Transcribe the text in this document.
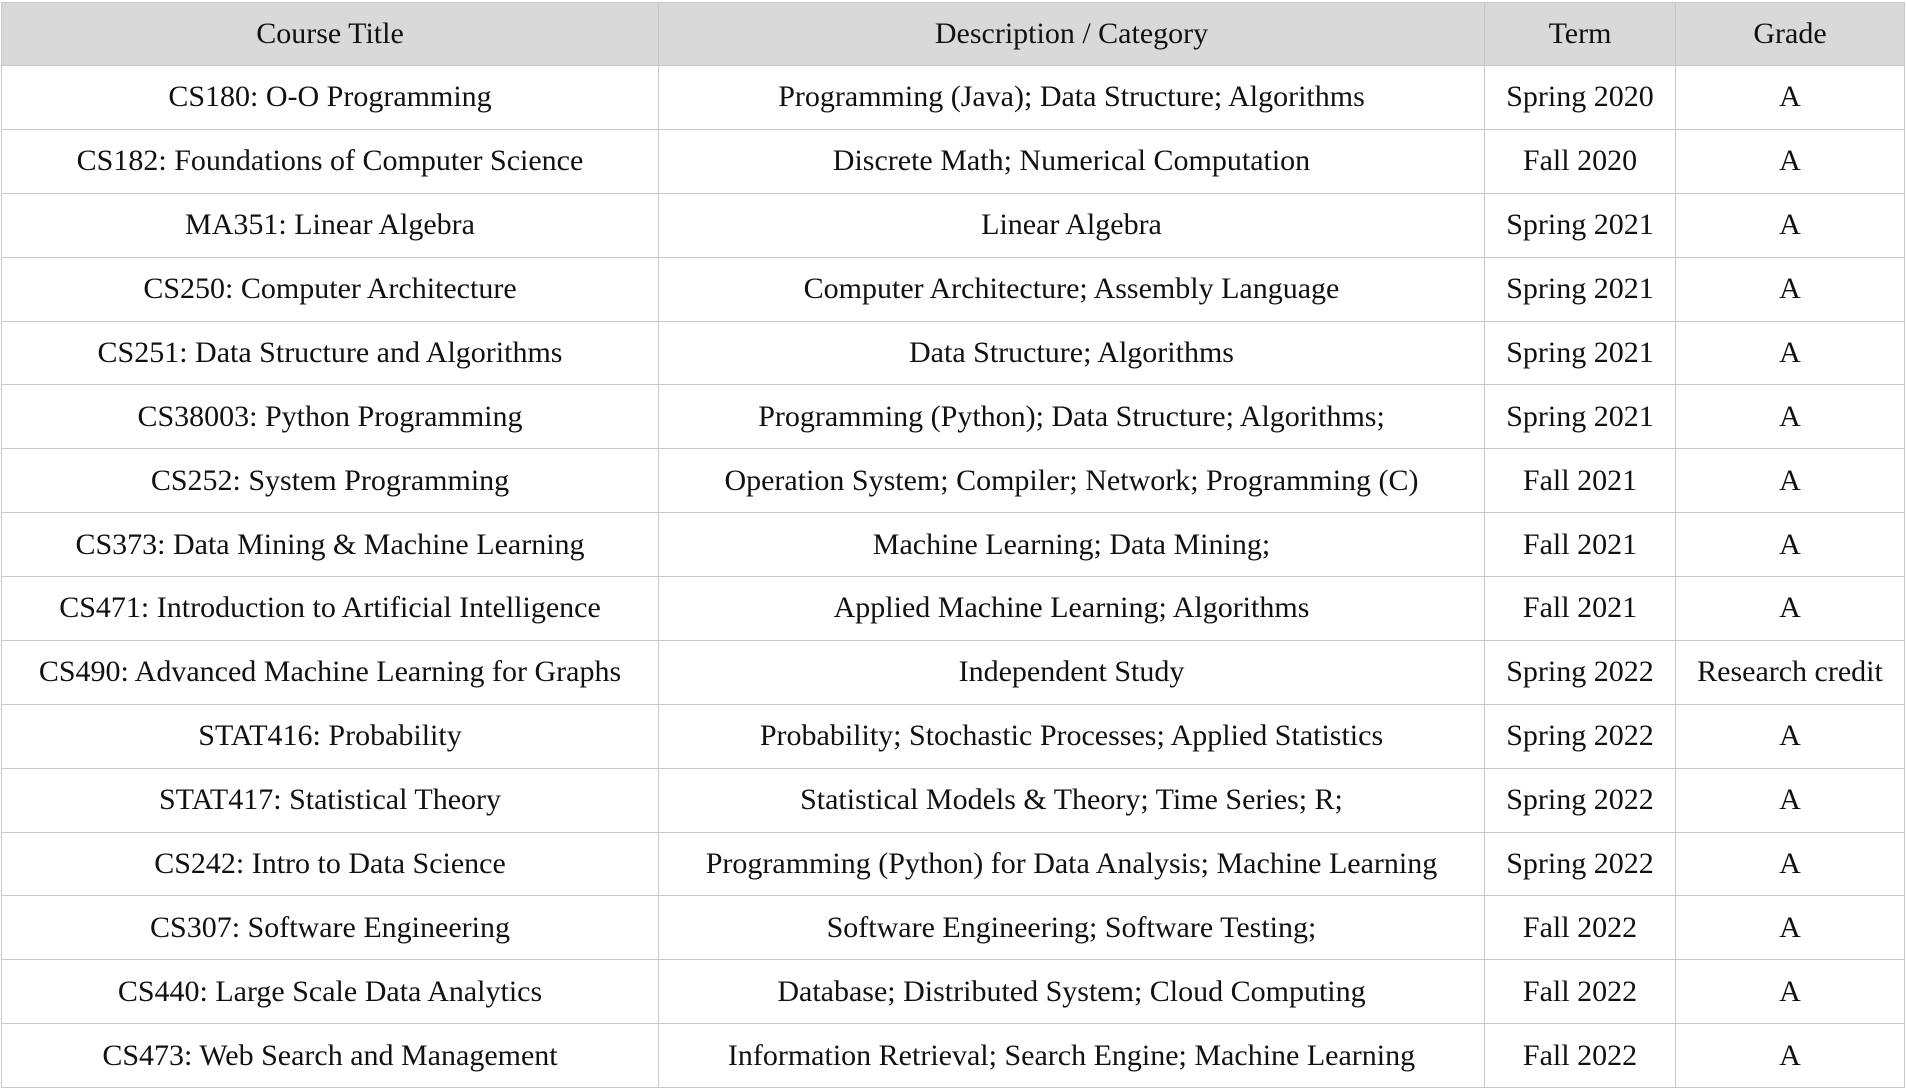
Course Title	Description / Category	Term	Grade
CS180: O-O Programming	Programming (Java); Data Structure; Algorithms	Spring 2020	A
CS182: Foundations of Computer Science	Discrete Math; Numerical Computation	Fall 2020	A
MA351: Linear Algebra	Linear Algebra	Spring 2021	A
CS250: Computer Architecture	Computer Architecture; Assembly Language	Spring 2021	A
CS251: Data Structure and Algorithms	Data Structure; Algorithms	Spring 2021	A
CS38003: Python Programming	Programming (Python); Data Structure; Algorithms;	Spring 2021	A
CS252: System Programming	Operation System; Compiler; Network; Programming (C)	Fall 2021	A
CS373: Data Mining & Machine Learning	Machine Learning; Data Mining;	Fall 2021	A
CS471: Introduction to Artificial Intelligence	Applied Machine Learning; Algorithms	Fall 2021	A
CS490: Advanced Machine Learning for Graphs	Independent Study	Spring 2022	Research credit
STAT416: Probability	Probability; Stochastic Processes; Applied Statistics	Spring 2022	A
STAT417: Statistical Theory	Statistical Models & Theory; Time Series; R;	Spring 2022	A
CS242: Intro to Data Science	Programming (Python) for Data Analysis; Machine Learning	Spring 2022	A
CS307: Software Engineering	Software Engineering; Software Testing;	Fall 2022	A
CS440: Large Scale Data Analytics	Database; Distributed System; Cloud Computing	Fall 2022	A
CS473: Web Search and Management	Information Retrieval; Search Engine; Machine Learning	Fall 2022	A
